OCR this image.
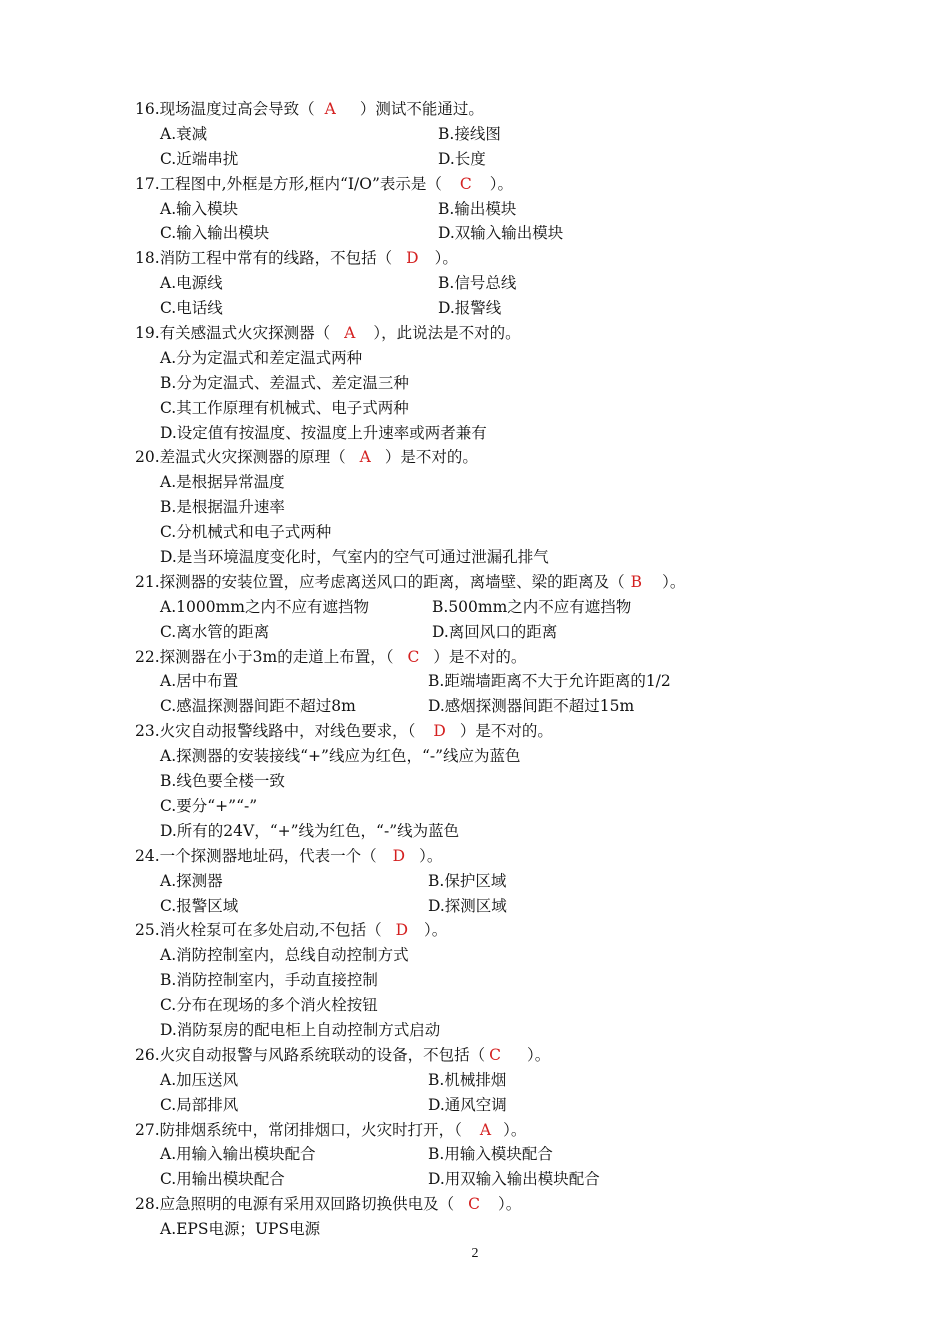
16.现场温度过高会导致（ A ）测试不能通过。
A.衰减	B.接线图
C.近端串扰	D.长度
17.工程图中,外框是方形,框内“I/O”表示是（ C ）。
A.输入模块	B.输出模块
C.输入输出模块	D.双输入输出模块
18.消防工程中常有的线路，不包括（ D ）。
A.电源线	B.信号总线
C.电话线	D.报警线
19.有关感温式火灾探测器（ A ），此说法是不对的。
A.分为定温式和差定温式两种
B.分为定温式、差温式、差定温三种
C.其工作原理有机械式、电子式两种
D.设定值有按温度、按温度上升速率或两者兼有
20.差温式火灾探测器的原理（ A ）是不对的。
A.是根据异常温度
B.是根据温升速率
C.分机械式和电子式两种
D.是当环境温度变化时，气室内的空气可通过泄漏孔排气
21.探测器的安装位置，应考虑离送风口的距离，离墙壁、梁的距离及（ B ）。
A.1000mm之内不应有遮挡物	B.500mm之内不应有遮挡物
C.离水管的距离	D.离回风口的距离
22.探测器在小于3m的走道上布置，（ C ）是不对的。
A.居中布置	B.距端墙距离不大于允许距离的1/2
C.感温探测器间距不超过8m	D.感烟探测器间距不超过15m
23.火灾自动报警线路中，对线色要求，（ D ）是不对的。
A.探测器的安装接线“+”线应为红色，“-”线应为蓝色
B.线色要全楼一致
C.要分“+”“-”
D.所有的24V，“+”线为红色，“-”线为蓝色
24.一个探测器地址码，代表一个（ D ）。
A.探测器	B.保护区域
C.报警区域	D.探测区域
25.消火栓泵可在多处启动,不包括（ D ）。
A.消防控制室内，总线自动控制方式
B.消防控制室内，手动直接控制
C.分布在现场的多个消火栓按钮
D.消防泵房的配电柜上自动控制方式启动
26.火灾自动报警与风路系统联动的设备，不包括（ C ）。
A.加压送风	B.机械排烟
C.局部排风	D.通风空调
27.防排烟系统中，常闭排烟口，火灾时打开，（ A ）。
A.用输入输出模块配合	B.用输入模块配合
C.用输出模块配合	D.用双输入输出模块配合
28.应急照明的电源有采用双回路切换供电及（ C ）。
A.EPS电源；UPS电源
2
